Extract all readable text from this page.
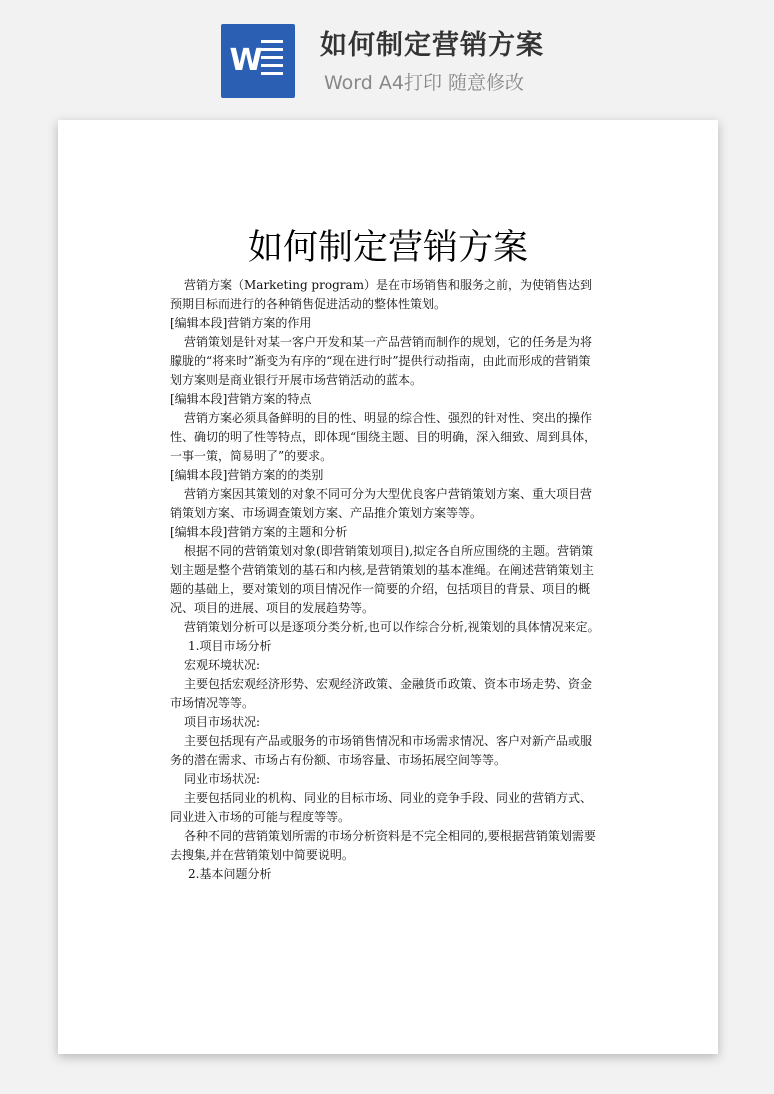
W 如何制定营销方案
Word A4打印 随意修改
如何制定营销方案

营销方案（Marketing program）是在市场销售和服务之前，为使销售达到预期目标而进行的各种销售促进活动的整体性策划。

[编辑本段]营销方案的作用

营销策划是针对某一客户开发和某一产品营销而制作的规划，它的任务是为将朦胧的“将来时”渐变为有序的“现在进行时”提供行动指南，由此而形成的营销策划方案则是商业银行开展市场营销活动的蓝本。

[编辑本段]营销方案的特点

营销方案必须具备鲜明的目的性、明显的综合性、强烈的针对性、突出的操作性、确切的明了性等特点，即体现“围绕主题、目的明确，深入细致、周到具体，一事一策，简易明了”的要求。

[编辑本段]营销方案的的类别

营销方案因其策划的对象不同可分为大型优良客户营销策划方案、重大项目营销策划方案、市场调查策划方案、产品推介策划方案等等。

[编辑本段]营销方案的主题和分析

根据不同的营销策划对象(即营销策划项目),拟定各自所应围绕的主题。营销策划主题是整个营销策划的基石和内核,是营销策划的基本准绳。在阐述营销策划主题的基础上，要对策划的项目情况作一简要的介绍，包括项目的背景、项目的概况、项目的进展、项目的发展趋势等。

营销策划分析可以是逐项分类分析,也可以作综合分析,视策划的具体情况来定。

1.项目市场分析

宏观环境状况:

主要包括宏观经济形势、宏观经济政策、金融货币政策、资本市场走势、资金市场情况等等。

项目市场状况:

主要包括现有产品或服务的市场销售情况和市场需求情况、客户对新产品或服务的潜在需求、市场占有份额、市场容量、市场拓展空间等等。

同业市场状况:

主要包括同业的机构、同业的目标市场、同业的竞争手段、同业的营销方式、同业进入市场的可能与程度等等。

各种不同的营销策划所需的市场分析资料是不完全相同的,要根据营销策划需要去搜集,并在营销策划中简要说明。

2.基本问题分析
